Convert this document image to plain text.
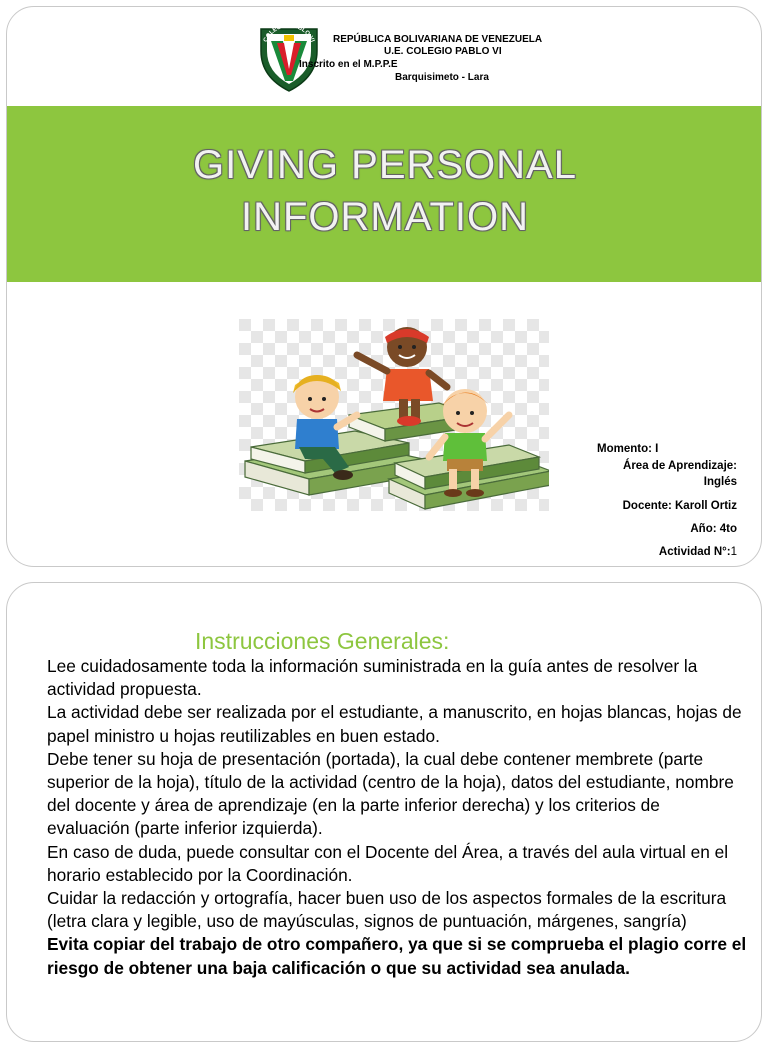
COLEGIO PABLO VI REPÚBLICA BOLIVARIANA DE VENEZUELA
U.E. COLEGIO PABLO VI
Inscrito en el M.P.P.E
Barquisimeto - Lara
GIVING PERSONAL
INFORMATION
Momento: I
Área de Aprendizaje:
Inglés
Docente: Karoll Ortiz
Año: 4to
Actividad N°:1
Instrucciones Generales:

Lee cuidadosamente toda la información suministrada en la guía antes de resolver la actividad propuesta.

La actividad debe ser realizada por el estudiante, a manuscrito, en hojas blancas, hojas de papel ministro u hojas reutilizables en buen estado.

Debe tener su hoja de presentación (portada), la cual debe contener membrete (parte superior de la hoja), título de la actividad (centro de la hoja), datos del estudiante, nombre del docente y área de aprendizaje (en la parte inferior derecha) y los criterios de evaluación (parte inferior izquierda).

En caso de duda, puede consultar con el Docente del Área, a través del aula virtual en el horario establecido por la Coordinación.

Cuidar la redacción y ortografía, hacer buen uso de los aspectos formales de la escritura (letra clara y legible, uso de mayúsculas, signos de puntuación, márgenes, sangría)

Evita copiar del trabajo de otro compañero, ya que si se comprueba el plagio corre el riesgo de obtener una baja calificación o que su actividad sea anulada.
